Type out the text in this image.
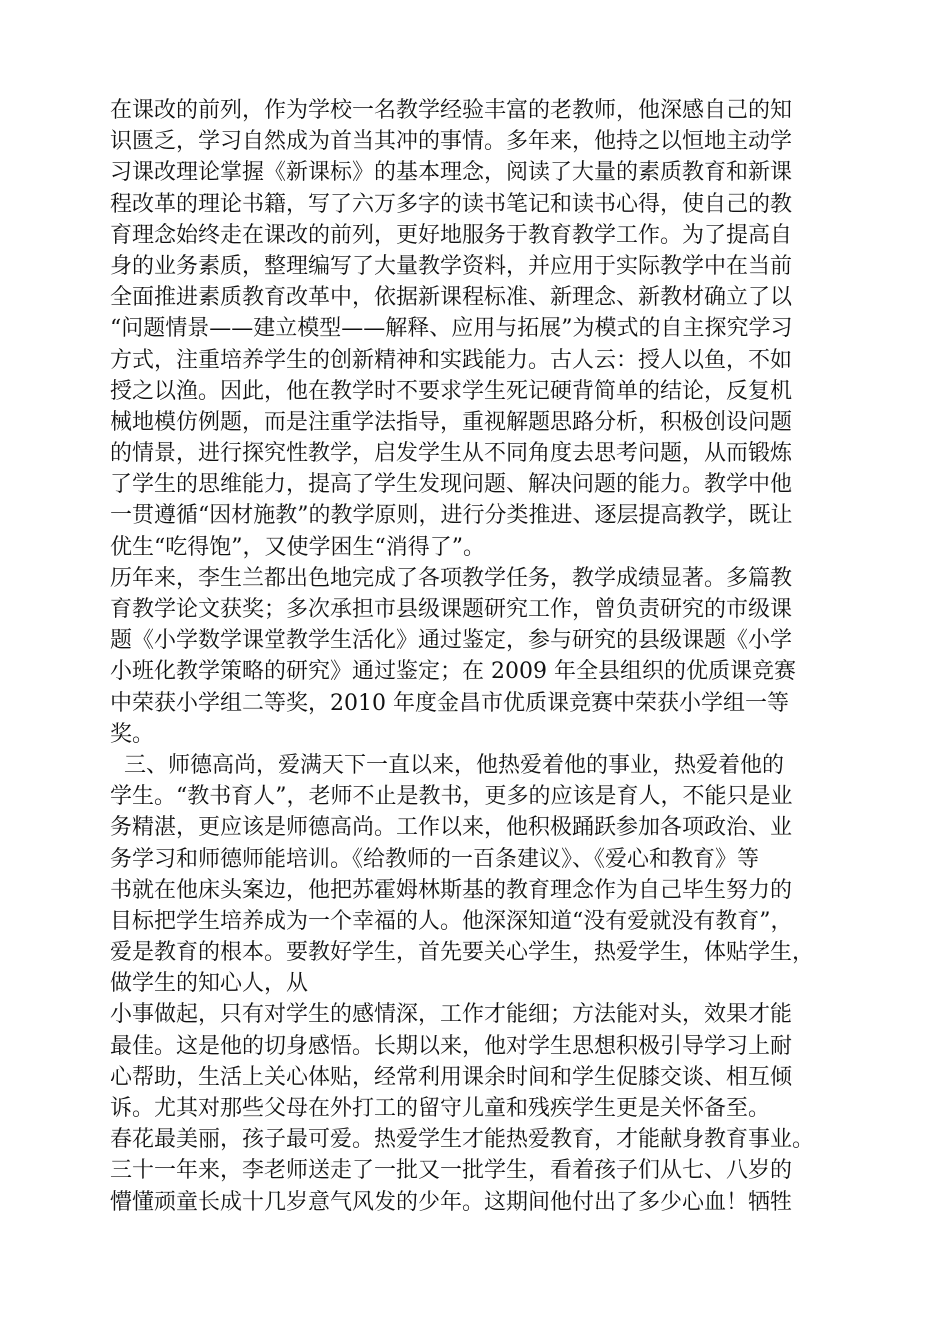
在课改的前列，作为学校一名教学经验丰富的老教师，他深感自己的知
识匮乏，学习自然成为首当其冲的事情。多年来，他持之以恒地主动学
习课改理论掌握《新课标》的基本理念，阅读了大量的素质教育和新课
程改革的理论书籍，写了六万多字的读书笔记和读书心得，使自己的教
育理念始终走在课改的前列，更好地服务于教育教学工作。为了提高自
身的业务素质，整理编写了大量教学资料，并应用于实际教学中在当前
全面推进素质教育改革中，依据新课程标准、新理念、新教材确立了以
“问题情景——建立模型——解释、应用与拓展”为模式的自主探究学习
方式，注重培养学生的创新精神和实践能力。古人云：授人以鱼，不如
授之以渔。因此，他在教学时不要求学生死记硬背简单的结论，反复机
械地模仿例题，而是注重学法指导，重视解题思路分析，积极创设问题
的情景，进行探究性教学，启发学生从不同角度去思考问题，从而锻炼
了学生的思维能力，提高了学生发现问题、解决问题的能力。教学中他
一贯遵循“因材施教”的教学原则，进行分类推进、逐层提高教学，既让
优生“吃得饱”，又使学困生“消得了”。
历年来，李生兰都出色地完成了各项教学任务，教学成绩显著。多篇教
育教学论文获奖；多次承担市县级课题研究工作，曾负责研究的市级课
题《小学数学课堂教学生活化》通过鉴定，参与研究的县级课题《小学
小班化教学策略的研究》通过鉴定；在 2009 年全县组织的优质课竞赛
中荣获小学组二等奖，2010 年度金昌市优质课竞赛中荣获小学组一等
奖。
三、师德高尚，爱满天下一直以来，他热爱着他的事业，热爱着他的
学生。“教书育人”，老师不止是教书，更多的应该是育人，不能只是业
务精湛，更应该是师德高尚。工作以来，他积极踊跃参加各项政治、业
务学习和师德师能培训。《给教师的一百条建议》、《爱心和教育》等
书就在他床头案边，他把苏霍姆林斯基的教育理念作为自己毕生努力的
目标把学生培养成为一个幸福的人。他深深知道“没有爱就没有教育”，
爱是教育的根本。要教好学生，首先要关心学生，热爱学生，体贴学生，
做学生的知心人，从
小事做起，只有对学生的感情深，工作才能细；方法能对头，效果才能
最佳。这是他的切身感悟。长期以来，他对学生思想积极引导学习上耐
心帮助，生活上关心体贴，经常利用课余时间和学生促膝交谈、相互倾
诉。尤其对那些父母在外打工的留守儿童和残疾学生更是关怀备至。
春花最美丽，孩子最可爱。热爱学生才能热爱教育，才能献身教育事业。
三十一年来，李老师送走了一批又一批学生，看着孩子们从七、八岁的
懵懂顽童长成十几岁意气风发的少年。这期间他付出了多少心血！牺牲
